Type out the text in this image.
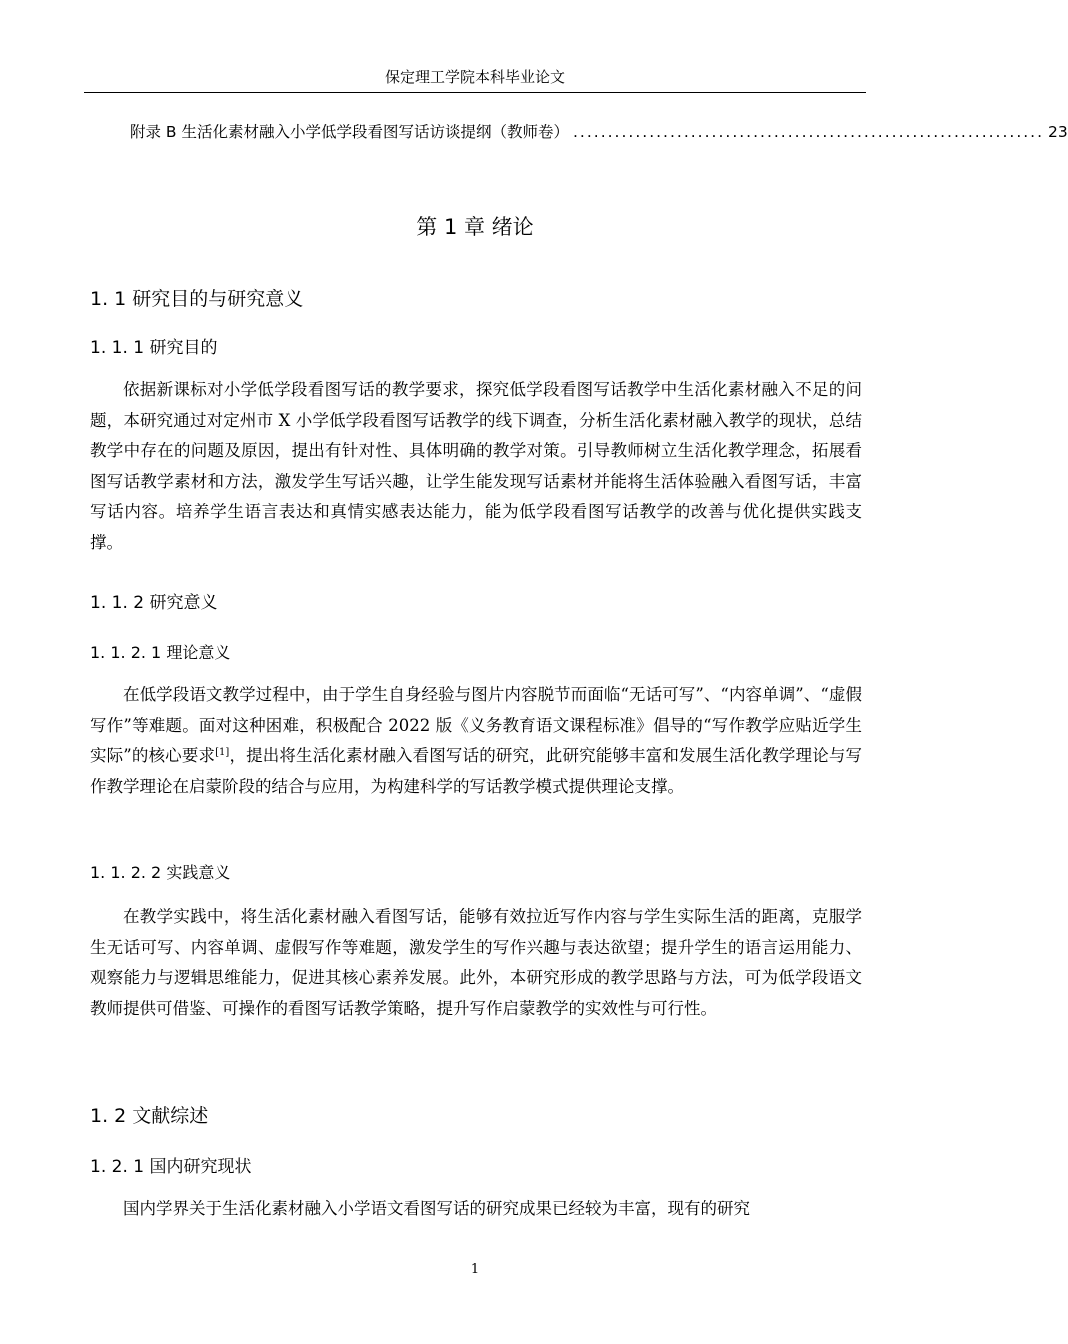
保定理工学院本科毕业论文
附录 B 生活化素材融入小学低学段看图写话访谈提纲（教师卷） .................................................................... 23
第 1 章 绪论
1. 1 研究目的与研究意义
1. 1. 1 研究目的
依据新课标对小学低学段看图写话的教学要求，探究低学段看图写话教学中生活化素材融入不足的问题，本研究通过对定州市 X 小学低学段看图写话教学的线下调查，分析生活化素材融入教学的现状，总结教学中存在的问题及原因，提出有针对性、具体明确的教学对策。引导教师树立生活化教学理念，拓展看图写话教学素材和方法，激发学生写话兴趣，让学生能发现写话素材并能将生活体验融入看图写话，丰富写话内容。培养学生语言表达和真情实感表达能力，能为低学段看图写话教学的改善与优化提供实践支撑。
1. 1. 2 研究意义
1. 1. 2. 1 理论意义
在低学段语文教学过程中，由于学生自身经验与图片内容脱节而面临“无话可写”、“内容单调”、“虚假写作”等难题。面对这种困难，积极配合 2022 版《义务教育语文课程标准》倡导的“写作教学应贴近学生实际”的核心要求[1]，提出将生活化素材融入看图写话的研究，此研究能够丰富和发展生活化教学理论与写作教学理论在启蒙阶段的结合与应用，为构建科学的写话教学模式提供理论支撑。
1. 1. 2. 2 实践意义
在教学实践中，将生活化素材融入看图写话，能够有效拉近写作内容与学生实际生活的距离，克服学生无话可写、内容单调、虚假写作等难题，激发学生的写作兴趣与表达欲望；提升学生的语言运用能力、观察能力与逻辑思维能力，促进其核心素养发展。此外，本研究形成的教学思路与方法，可为低学段语文教师提供可借鉴、可操作的看图写话教学策略，提升写作启蒙教学的实效性与可行性。
1. 2 文献综述
1. 2. 1 国内研究现状
国内学界关于生活化素材融入小学语文看图写话的研究成果已经较为丰富，现有的研究
1
